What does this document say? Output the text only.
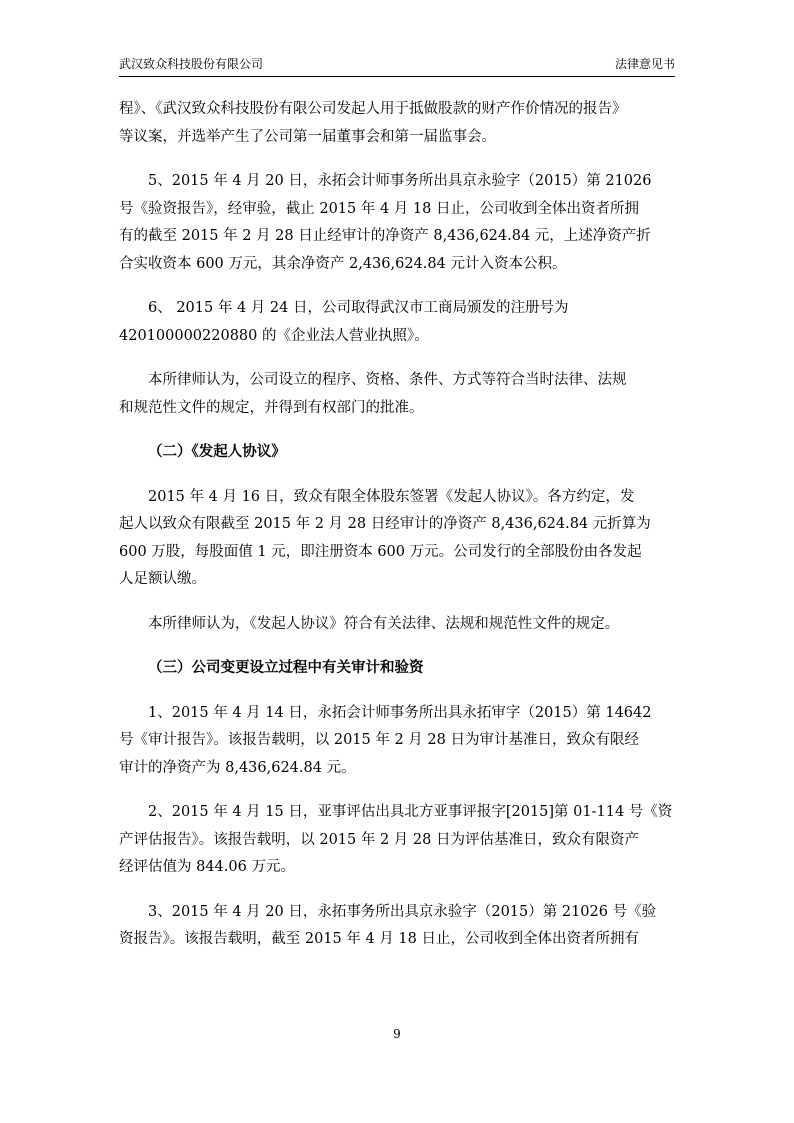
武汉致众科技股份有限公司	法律意见书

程》、《武汉致众科技股份有限公司发起人用于抵做股款的财产作价情况的报告》
等议案，并选举产生了公司第一届董事会和第一届监事会。

5、2015 年 4 月 20 日，永拓会计师事务所出具京永验字（2015）第 21026
号《验资报告》，经审验，截止 2015 年 4 月 18 日止，公司收到全体出资者所拥
有的截至 2015 年 2 月 28 日止经审计的净资产 8,436,624.84 元，上述净资产折
合实收资本 600 万元，其余净资产 2,436,624.84 元计入资本公积。

6、 2015 年 4 月 24 日，公司取得武汉市工商局颁发的注册号为
420100000220880 的《企业法人营业执照》。

本所律师认为，公司设立的程序、资格、条件、方式等符合当时法律、法规
和规范性文件的规定，并得到有权部门的批准。

（二）《发起人协议》

2015 年 4 月 16 日，致众有限全体股东签署《发起人协议》。各方约定，发
起人以致众有限截至 2015 年 2 月 28 日经审计的净资产 8,436,624.84 元折算为
600 万股，每股面值 1 元，即注册资本 600 万元。公司发行的全部股份由各发起
人足额认缴。

本所律师认为，《发起人协议》符合有关法律、法规和规范性文件的规定。

（三）公司变更设立过程中有关审计和验资

1、2015 年 4 月 14 日，永拓会计师事务所出具永拓审字（2015）第 14642
号《审计报告》。该报告载明，以 2015 年 2 月 28 日为审计基准日，致众有限经
审计的净资产为 8,436,624.84 元。

2、2015 年 4 月 15 日，亚事评估出具北方亚事评报字[2015]第 01-114 号《资
产评估报告》。该报告载明，以 2015 年 2 月 28 日为评估基准日，致众有限资产
经评估值为 844.06 万元。

3、2015 年 4 月 20 日，永拓事务所出具京永验字（2015）第 21026 号《验
资报告》。该报告载明，截至 2015 年 4 月 18 日止，公司收到全体出资者所拥有

9
